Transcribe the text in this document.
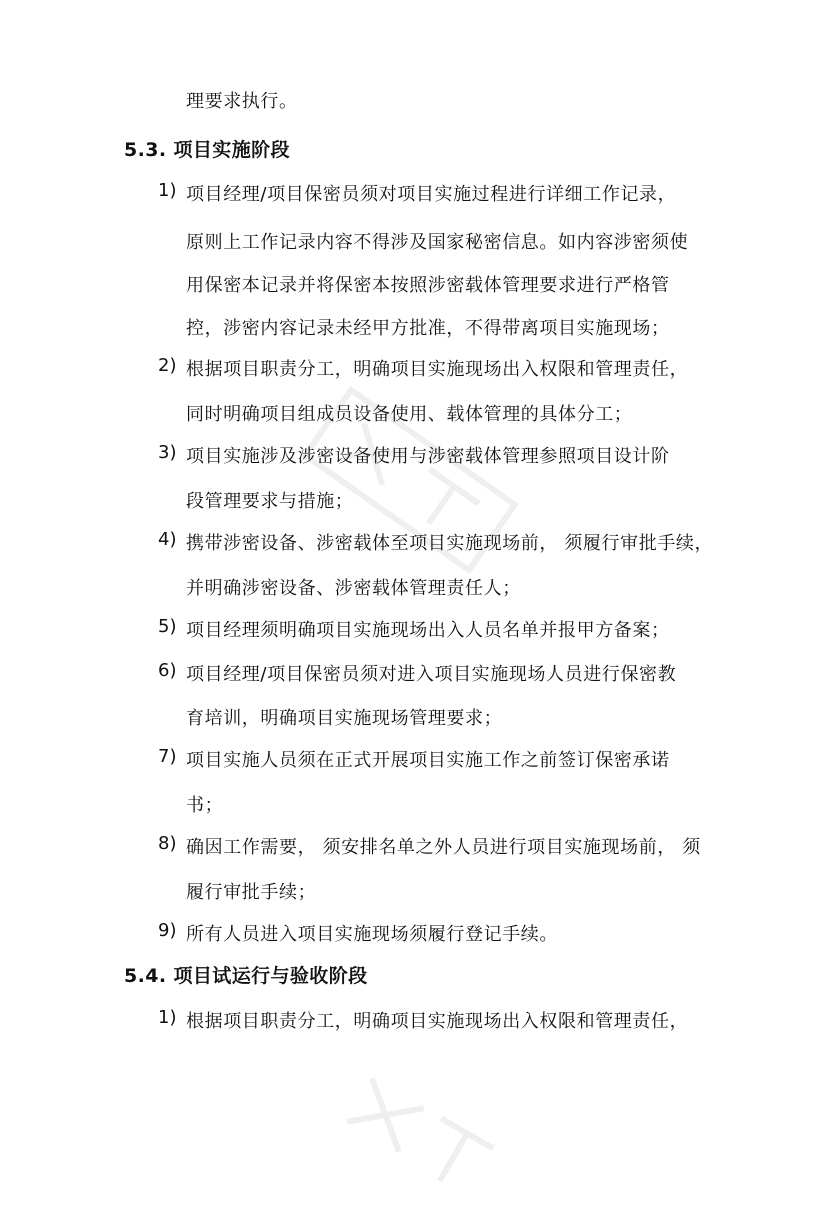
理要求执行。
5.3. 项目实施阶段
1) 项目经理/项目保密员须对项目实施过程进行详细工作记录，
原则上工作记录内容不得涉及国家秘密信息。如内容涉密须使
用保密本记录并将保密本按照涉密载体管理要求进行严格管
控，涉密内容记录未经甲方批准，不得带离项目实施现场；
2) 根据项目职责分工，明确项目实施现场出入权限和管理责任，
同时明确项目组成员设备使用、载体管理的具体分工；
3) 项目实施涉及涉密设备使用与涉密载体管理参照项目设计阶
段管理要求与措施；
4) 携带涉密设备、涉密载体至项目实施现场前， 须履行审批手续，
并明确涉密设备、涉密载体管理责任人；
5) 项目经理须明确项目实施现场出入人员名单并报甲方备案；
6) 项目经理/项目保密员须对进入项目实施现场人员进行保密教
育培训，明确项目实施现场管理要求；
7) 项目实施人员须在正式开展项目实施工作之前签订保密承诺
书；
8) 确因工作需要， 须安排名单之外人员进行项目实施现场前， 须
履行审批手续；
9) 所有人员进入项目实施现场须履行登记手续。
5.4. 项目试运行与验收阶段
1) 根据项目职责分工，明确项目实施现场出入权限和管理责任，
